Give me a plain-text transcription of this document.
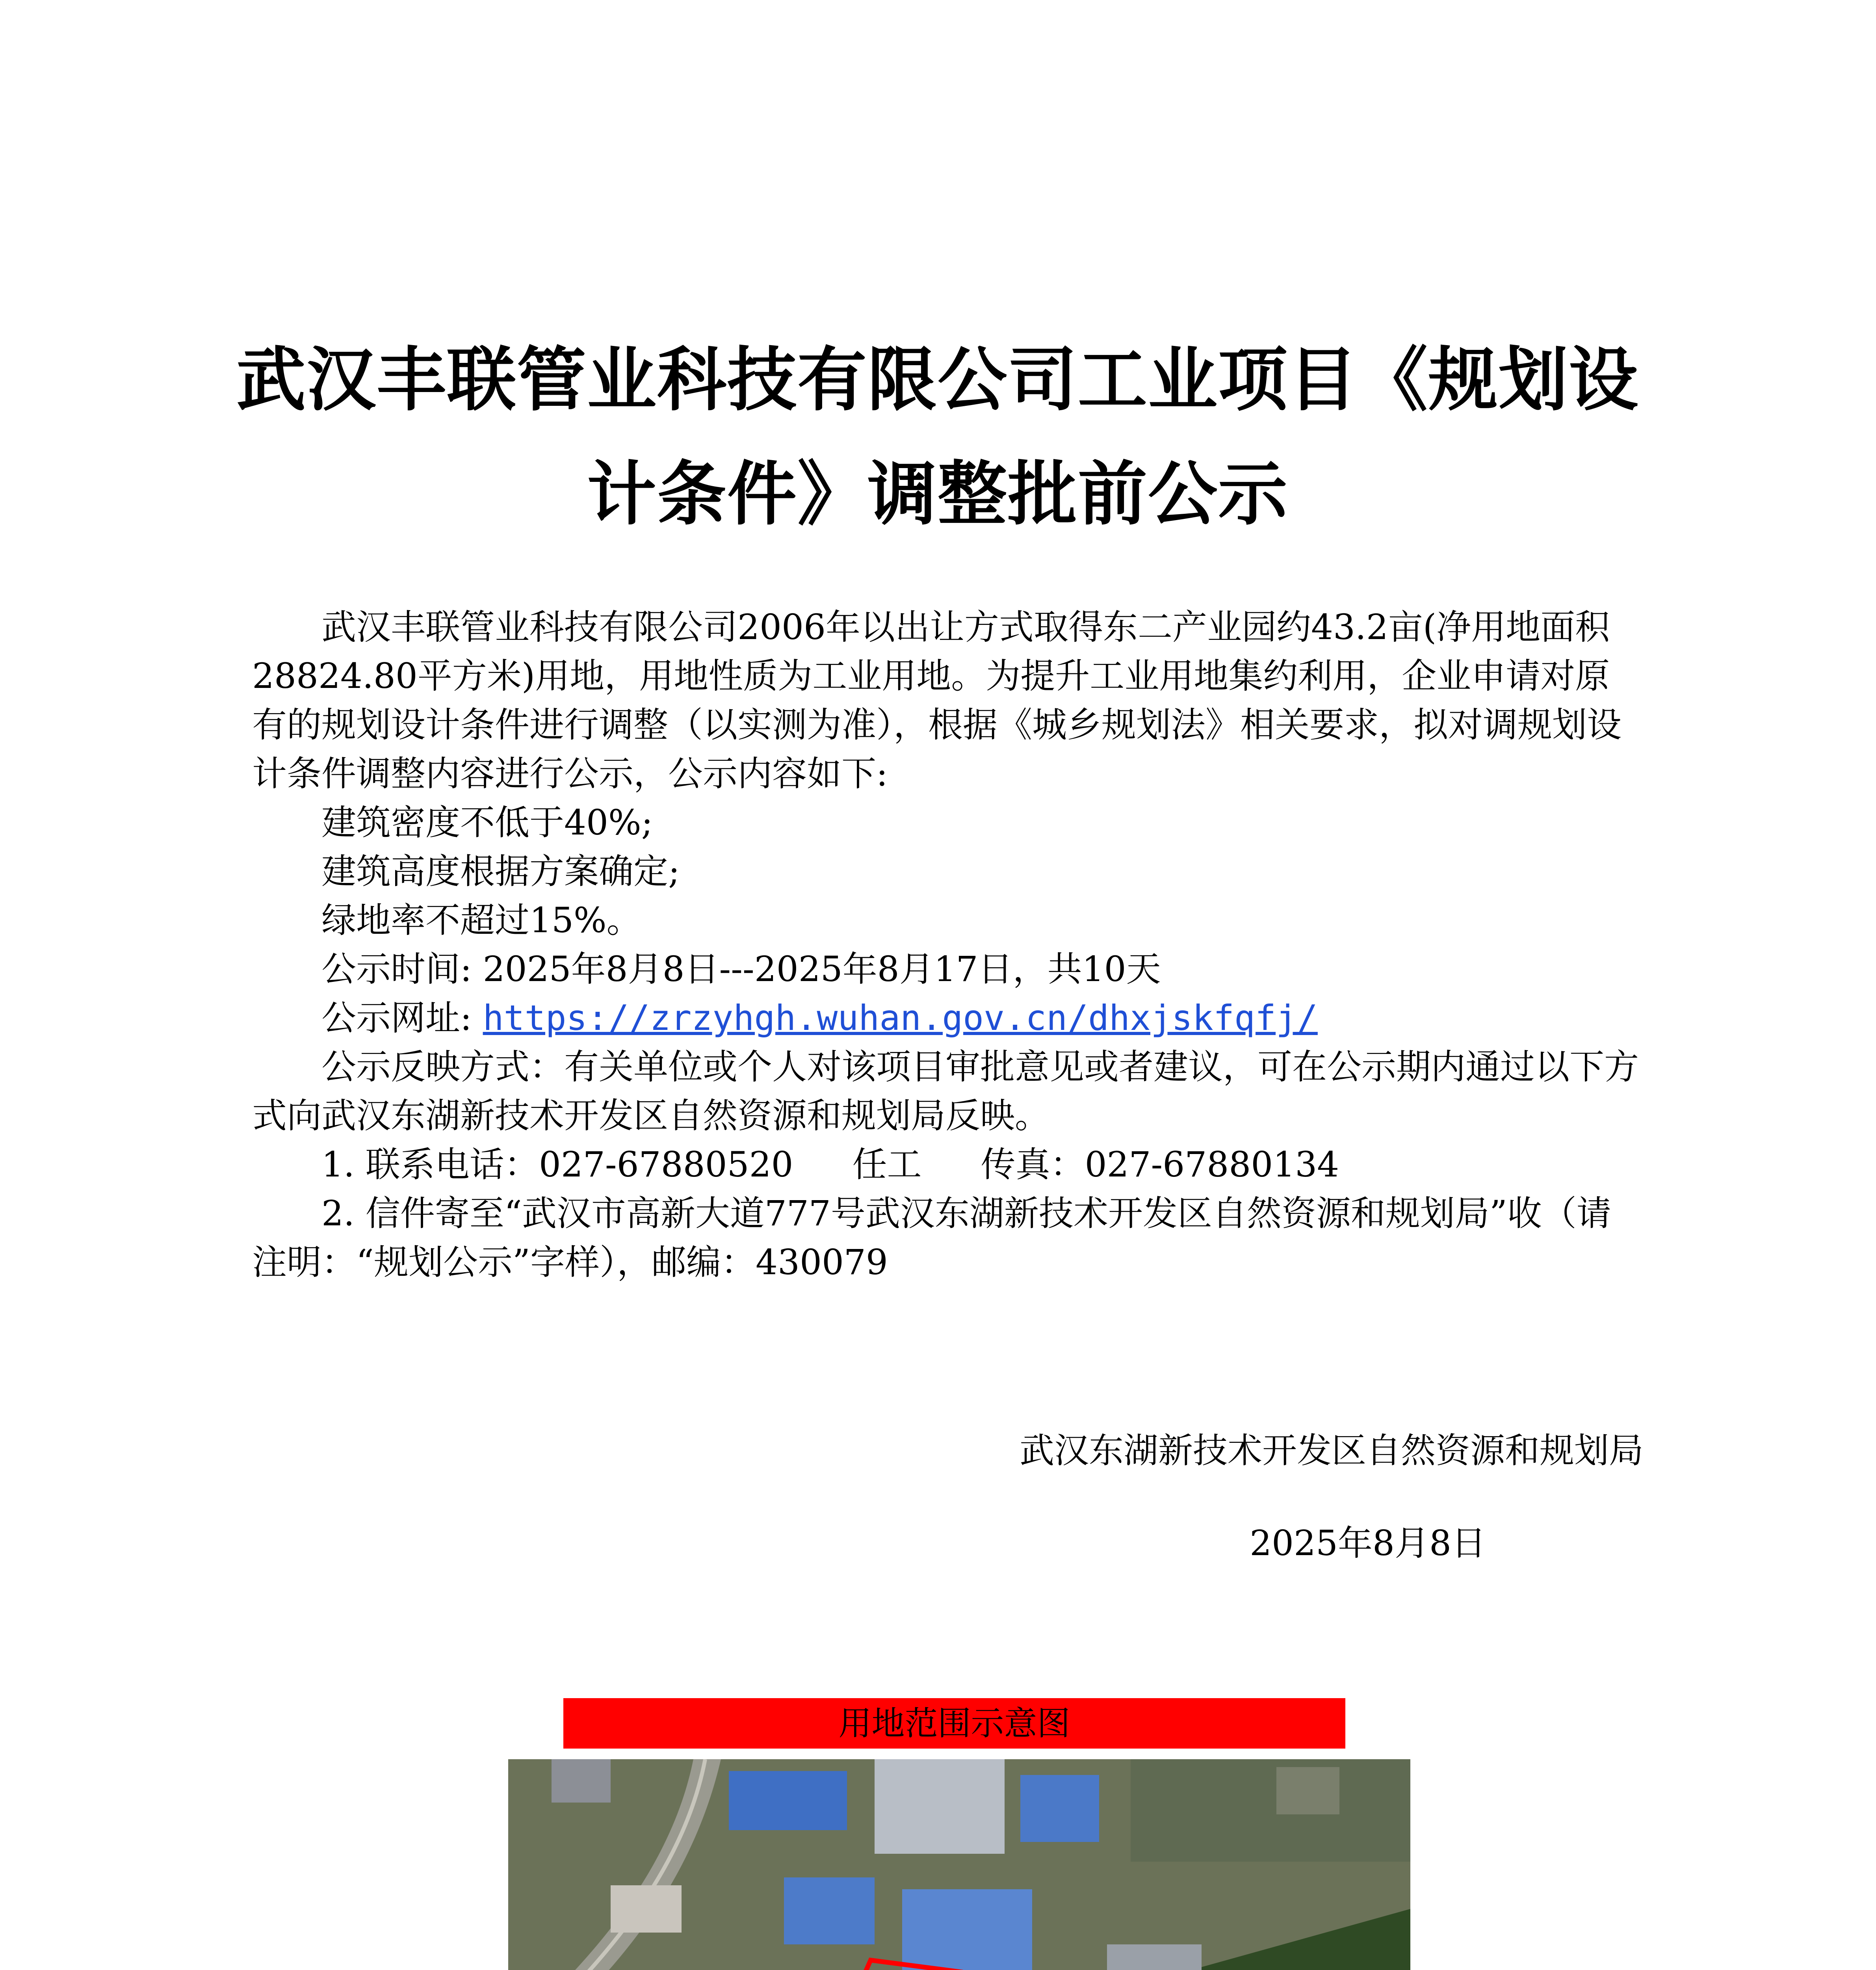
武汉丰联管业科技有限公司工业项目《规划设
计条件》调整批前公示

武汉丰联管业科技有限公司2006年以出让方式取得东二产业园约43.2亩(净用地面积28824.80平方米)用地，用地性质为工业用地。为提升工业用地集约利用，企业申请对原有的规划设计条件进行调整（以实测为准），根据《城乡规划法》相关要求，拟对调规划设计条件调整内容进行公示，公示内容如下:

建筑密度不低于40%;

建筑高度根据方案确定;

绿地率不超过15%。

公示时间: 2025年8月8日---2025年8月17日，共10天

公示网址: https://zrzyhgh.wuhan.gov.cn/dhxjskfqfj/

公示反映方式：有关单位或个人对该项目审批意见或者建议，可在公示期内通过以下方式向武汉东湖新技术开发区自然资源和规划局反映。

1. 联系电话：027-67880520 任工 传真：027-67880134

2. 信件寄至“武汉市高新大道777号武汉东湖新技术开发区自然资源和规划局”收（请注明：“规划公示”字样），邮编：430079

武汉东湖新技术开发区自然资源和规划局
2025年8月8日
用地范围示意图
